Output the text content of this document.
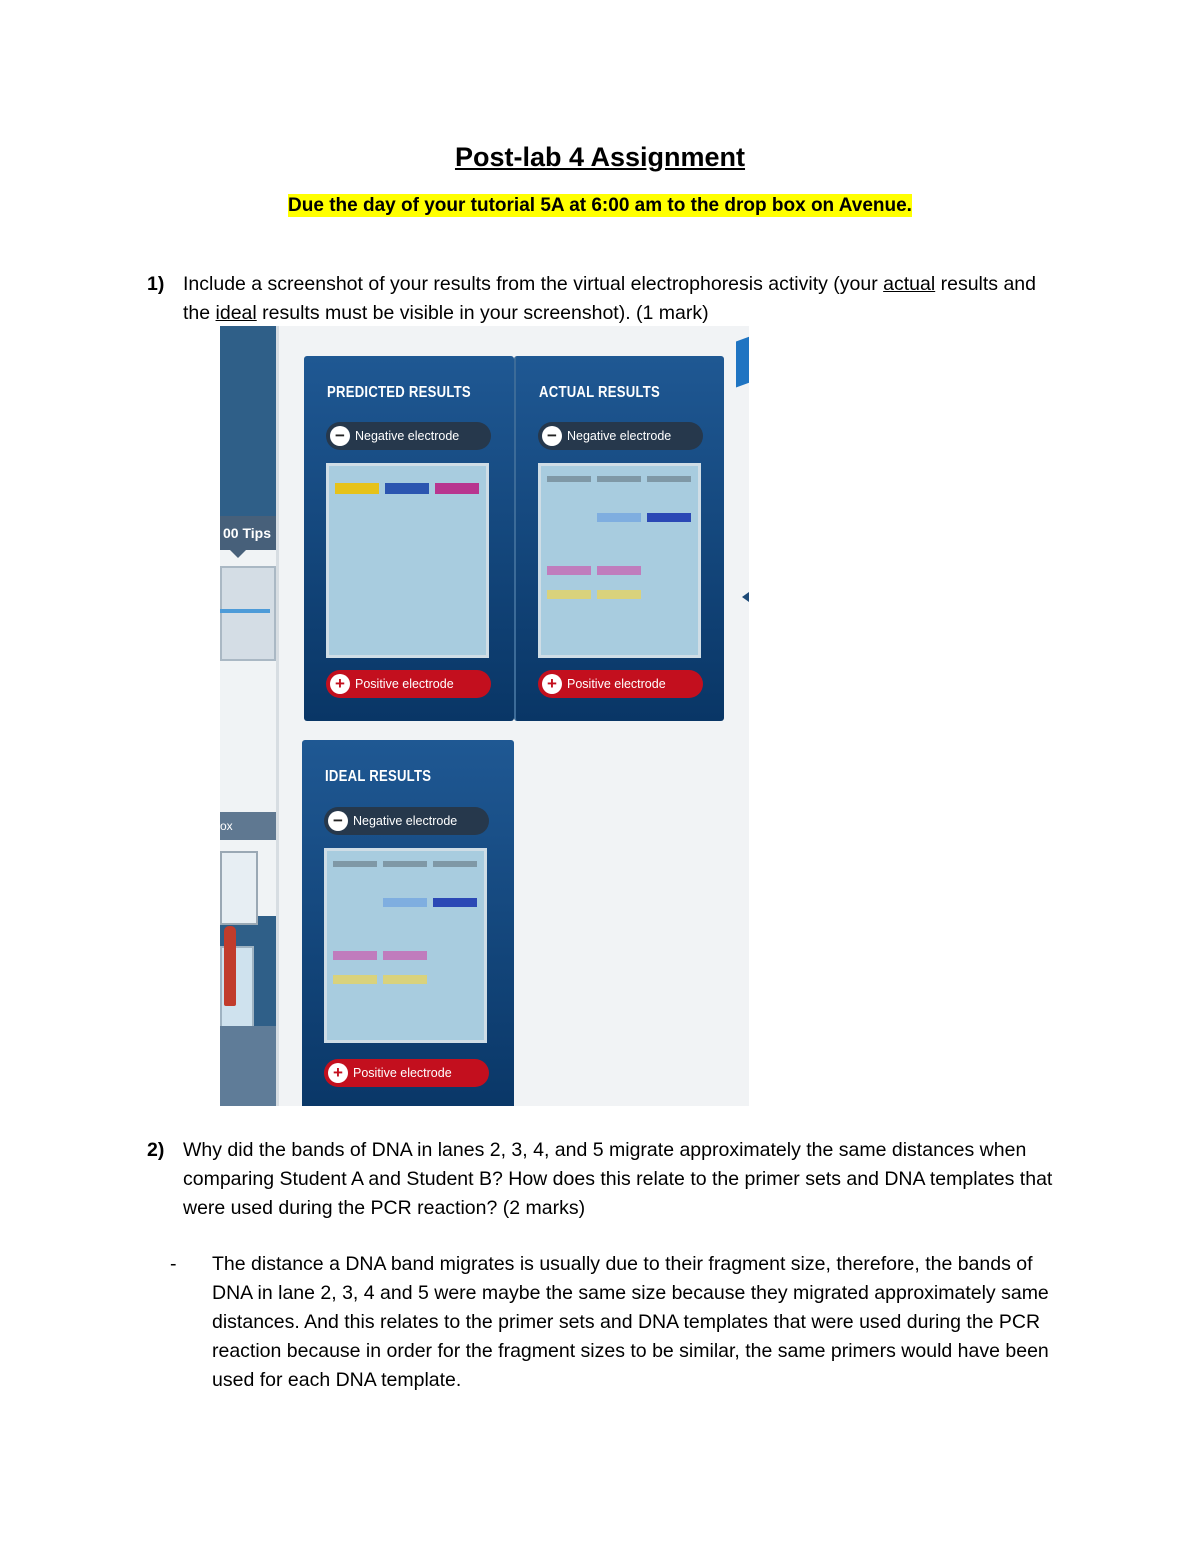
Post-lab 4 Assignment
Due the day of your tutorial 5A at 6:00 am to the drop box on Avenue.
1) Include a screenshot of your results from the virtual electrophoresis activity (your actual results and the ideal results must be visible in your screenshot). (1 mark)
00 Tips
ox
PREDICTED RESULTS
− Negative electrode
+ Positive electrode
ACTUAL RESULTS
− Negative electrode
+ Positive electrode
IDEAL RESULTS
− Negative electrode
+ Positive electrode
2) Why did the bands of DNA in lanes 2, 3, 4, and 5 migrate approximately the same distances when comparing Student A and Student B? How does this relate to the primer sets and DNA templates that were used during the PCR reaction? (2 marks)
- The distance a DNA band migrates is usually due to their fragment size, therefore, the bands of DNA in lane 2, 3, 4 and 5 were maybe the same size because they migrated approximately same distances. And this relates to the primer sets and DNA templates that were used during the PCR reaction because in order for the fragment sizes to be similar, the same primers would have been used for each DNA template.
